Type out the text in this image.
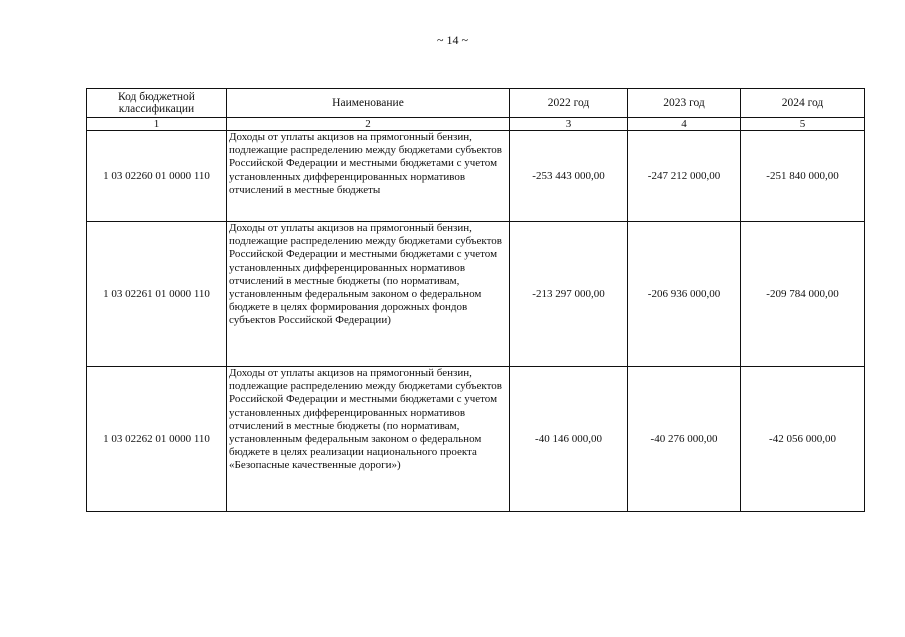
~ 14 ~
Код бюджетной классификации	Наименование	2022 год	2023 год	2024 год
1	2	3	4	5
1 03 02260 01 0000 110	Доходы от уплаты акцизов на прямогонный бензин, подлежащие распределению между бюджетами субъектов Российской Федерации и местными бюджетами с учетом установленных дифференцированных нормативов отчислений в местные бюджеты	-253 443 000,00	-247 212 000,00	-251 840 000,00
1 03 02261 01 0000 110	Доходы от уплаты акцизов на прямогонный бензин, подлежащие распределению между бюджетами субъектов Российской Федерации и местными бюджетами с учетом установленных дифференцированных нормативов отчислений в местные бюджеты (по нормативам, установленным федеральным законом о федеральном бюджете в целях формирования дорожных фондов субъектов Российской Федерации)	-213 297 000,00	-206 936 000,00	-209 784 000,00
1 03 02262 01 0000 110	Доходы от уплаты акцизов на прямогонный бензин, подлежащие распределению между бюджетами субъектов Российской Федерации и местными бюджетами с учетом установленных дифференцированных нормативов отчислений в местные бюджеты (по нормативам, установленным федеральным законом о федеральном бюджете в целях реализации национального проекта «Безопасные качественные дороги»)	-40 146 000,00	-40 276 000,00	-42 056 000,00
